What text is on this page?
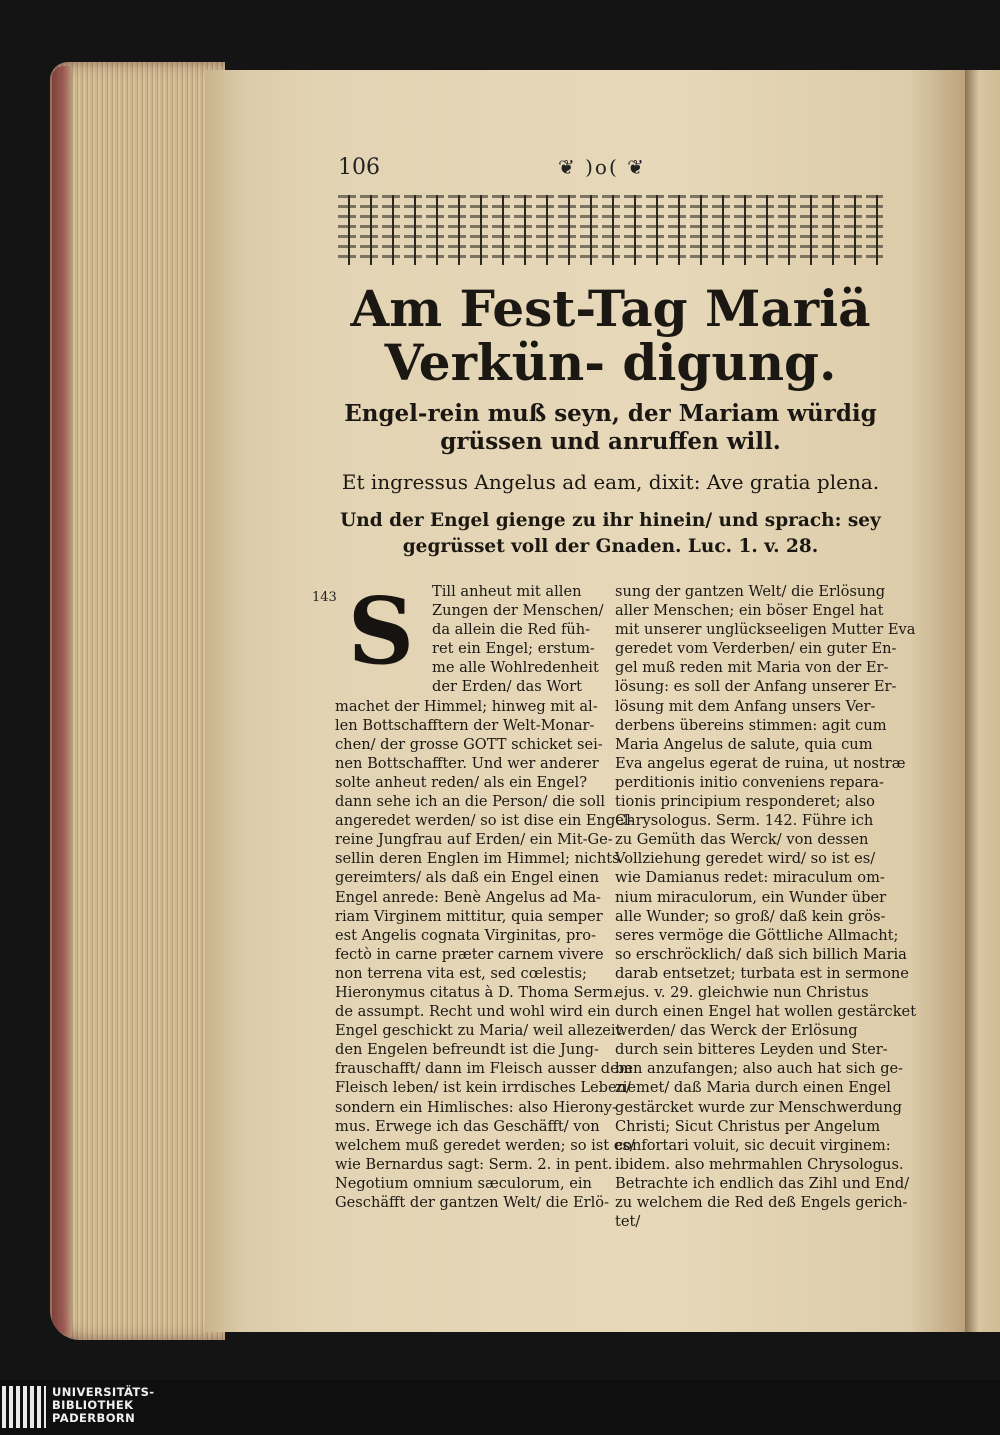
106	❦ )o( ❦
Am Fest-Tag Mariä Verkün- digung.
Engel-rein muß seyn, der Mariam würdig grüssen und anruffen will.
Et ingressus Angelus ad eam, dixit: Ave gratia plena.
Und der Engel gienge zu ihr hinein/ und sprach: sey gegrüsset voll der Gnaden. Luc. 1. v. 28.
143 S	Till anheut mit allen
Zungen der Menschen/
da allein die Red füh-
ret ein Engel; erstum-
me alle Wohlredenheit
der Erden/ das Wort
machet der Himmel; hinweg mit al-
len Bottschafftern der Welt-Monar-
chen/ der grosse GOTT schicket sei-
nen Bottschaffter. Und wer anderer
solte anheut reden/ als ein Engel?
dann sehe ich an die Person/ die soll
angeredet werden/ so ist dise ein Engel-
reine Jungfrau auf Erden/ ein Mit-Ge-
sellin deren Englen im Himmel; nichts
gereimters/ als daß ein Engel einen
Engel anrede: Benè Angelus ad Ma-
riam Virginem mittitur, quia semper
est Angelis cognata Virginitas, pro-
fectò in carne præter carnem vivere
non terrena vita est, sed cœlestis;
Hieronymus citatus à D. Thoma Serm.
de assumpt. Recht und wohl wird ein
Engel geschickt zu Maria/ weil allezeit
den Engelen befreundt ist die Jung-
frauschafft/ dann im Fleisch ausser dem
Fleisch leben/ ist kein irrdisches Leben/
sondern ein Himlisches: also Hierony-
mus. Erwege ich das Geschäfft/ von
welchem muß geredet werden; so ist es/
wie Bernardus sagt: Serm. 2. in pent.
Negotium omnium sæculorum, ein
Geschäfft der gantzen Welt/ die Erlö-
sung der gantzen Welt/ die Erlösung
aller Menschen; ein böser Engel hat
mit unserer unglückseeligen Mutter Eva
geredet vom Verderben/ ein guter En-
gel muß reden mit Maria von der Er-
lösung: es soll der Anfang unserer Er-
lösung mit dem Anfang unsers Ver-
derbens übereins stimmen: agit cum
Maria Angelus de salute, quia cum
Eva angelus egerat de ruina, ut nostræ
perditionis initio conveniens repara-
tionis principium responderet; also
Chrysologus. Serm. 142. Führe ich
zu Gemüth das Werck/ von dessen
Vollziehung geredet wird/ so ist es/
wie Damianus redet: miraculum om-
nium miraculorum, ein Wunder über
alle Wunder; so groß/ daß kein grös-
seres vermöge die Göttliche Allmacht;
so erschröcklich/ daß sich billich Maria
darab entsetzet; turbata est in sermone
ejus. v. 29. gleichwie nun Christus
durch einen Engel hat wollen gestärcket
werden/ das Werck der Erlösung
durch sein bitteres Leyden und Ster-
ben anzufangen; also auch hat sich ge-
ziemet/ daß Maria durch einen Engel
gestärcket wurde zur Menschwerdung
Christi; Sicut Christus per Angelum
confortari voluit, sic decuit virginem:
ibidem. also mehrmahlen Chrysologus.
Betrachte ich endlich das Zihl und End/
zu welchem die Red deß Engels gerich-
tet/
UNIVERSITÄTS-
BIBLIOTHEK
PADERBORN
